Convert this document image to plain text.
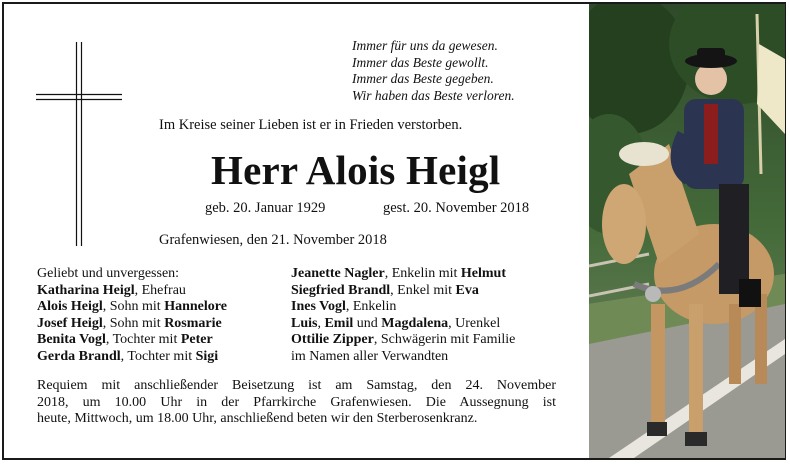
Immer für uns da gewesen.
Immer das Beste gewollt.
Immer das Beste gegeben.
Wir haben das Beste verloren.
Im Kreise seiner Lieben ist er in Frieden verstorben.
Herr Alois Heigl
geb. 20. Januar 1929	gest. 20. November 2018
Grafenwiesen, den 21. November 2018
Geliebt und unvergessen:
Katharina Heigl, Ehefrau
Alois Heigl, Sohn mit Hannelore
Josef Heigl, Sohn mit Rosmarie
Benita Vogl, Tochter mit Peter
Gerda Brandl, Tochter mit Sigi
Jeanette Nagler, Enkelin mit Helmut
Siegfried Brandl, Enkel mit Eva
Ines Vogl, Enkelin
Luis, Emil und Magdalena, Urenkel
Ottilie Zipper, Schwägerin mit Familie
im Namen aller Verwandten
Requiem mit anschließender Beisetzung ist am Samstag, den 24. November
2018, um 10.00 Uhr in der Pfarrkirche Grafenwiesen. Die Aussegnung ist
heute, Mittwoch, um 18.00 Uhr, anschließend beten wir den Sterberosenkranz.
